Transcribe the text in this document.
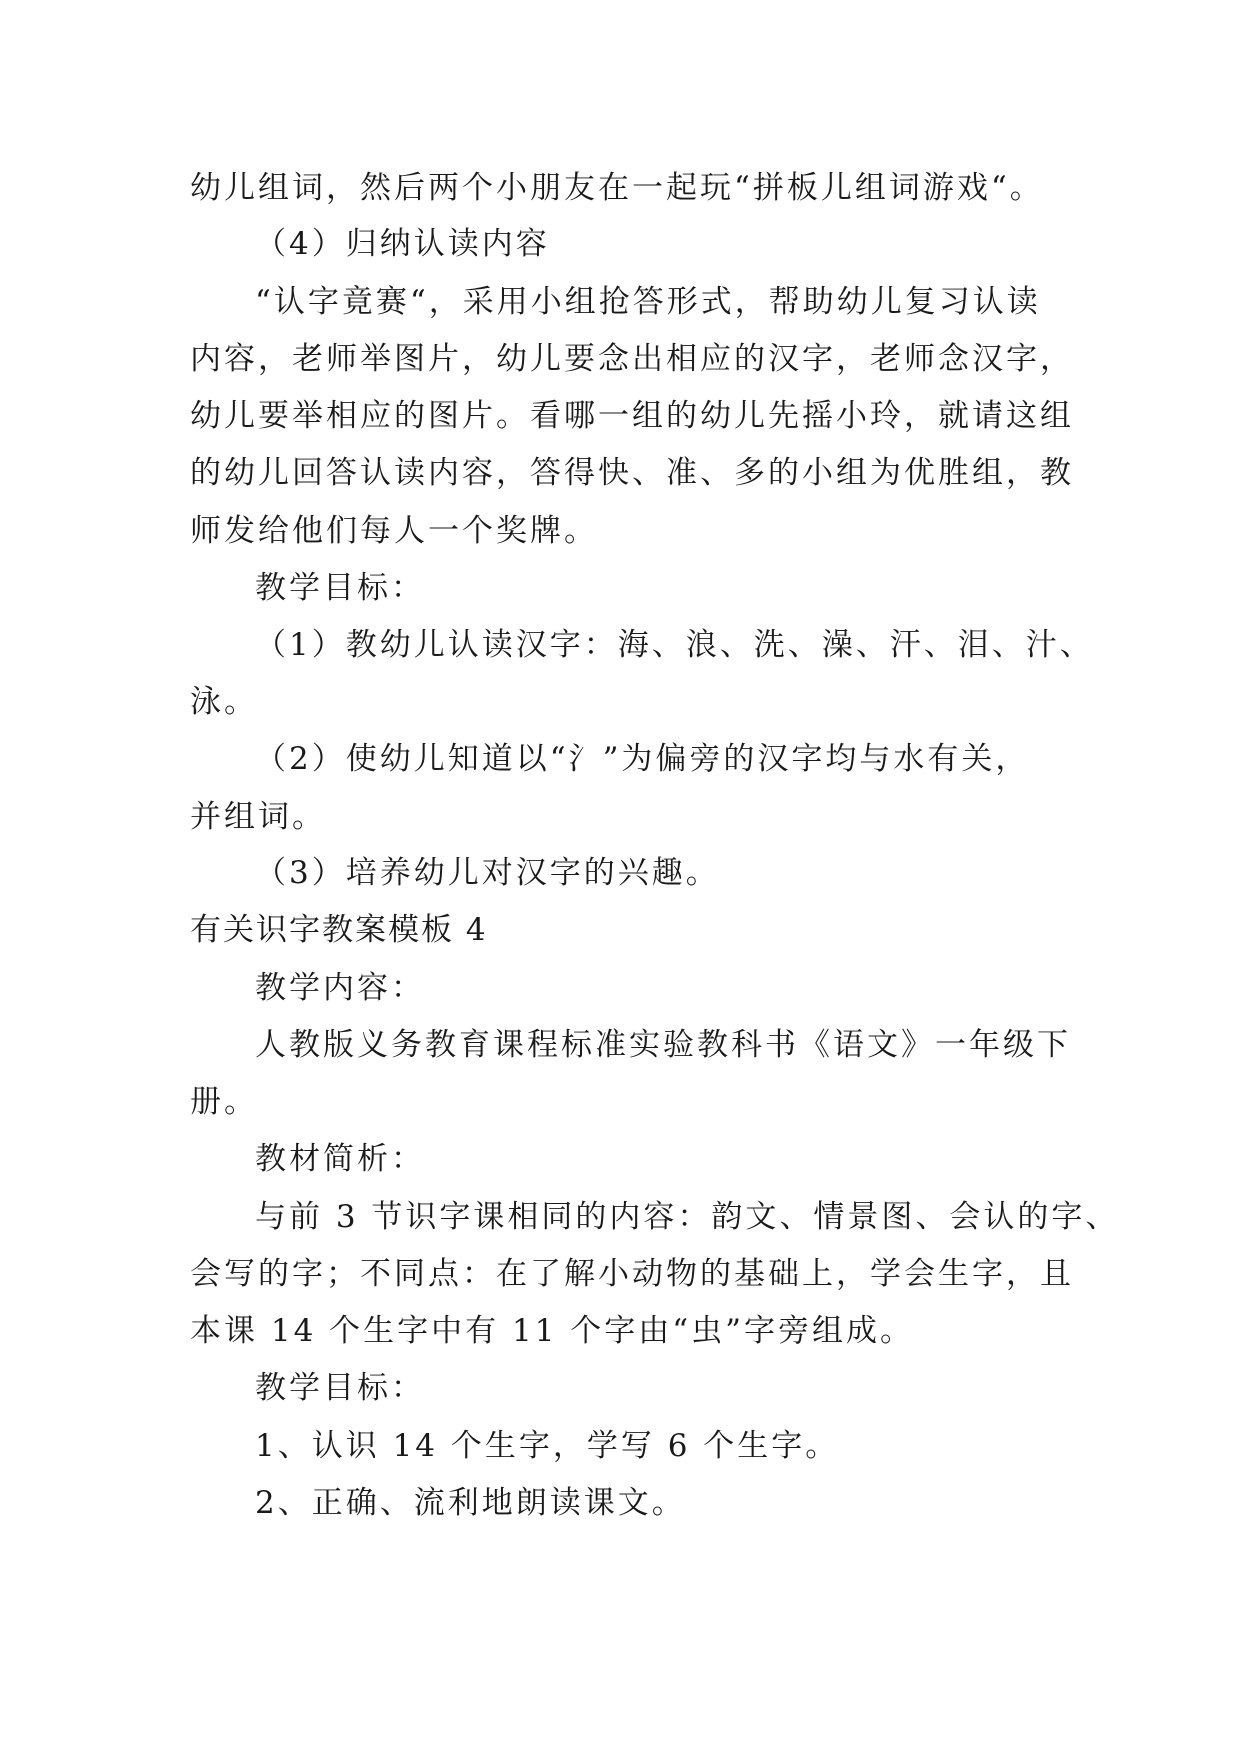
幼儿组词，然后两个小朋友在一起玩“拼板儿组词游戏“。
（4）归纳认读内容
“认字竟赛“，采用小组抢答形式，帮助幼儿复习认读
内容，老师举图片，幼儿要念出相应的汉字，老师念汉字，
幼儿要举相应的图片。看哪一组的幼儿先摇小玲，就请这组
的幼儿回答认读内容，答得快、准、多的小组为优胜组，教
师发给他们每人一个奖牌。
教学目标：
（1）教幼儿认读汉字：海、浪、洗、澡、汗、泪、汁、
泳。
（2）使幼儿知道以“氵”为偏旁的汉字均与水有关，
并组词。
（3）培养幼儿对汉字的兴趣。
有关识字教案模板 4
教学内容：
人教版义务教育课程标准实验教科书《语文》一年级下
册。
教材简析：
与前 3 节识字课相同的内容：韵文、情景图、会认的字、
会写的字；不同点：在了解小动物的基础上，学会生字，且
本课 14 个生字中有 11 个字由“虫”字旁组成。
教学目标：
1、认识 14 个生字，学写 6 个生字。
2、正确、流利地朗读课文。
